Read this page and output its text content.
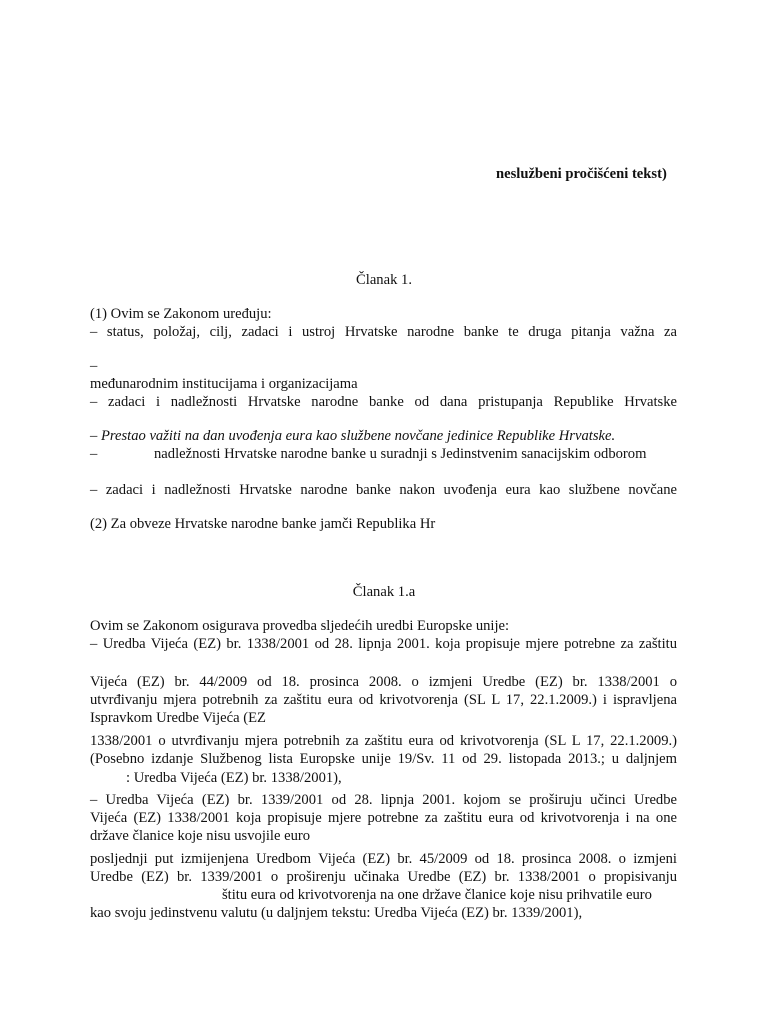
neslužbeni pročišćeni tekst)
Članak 1.
(1) Ovim se Zakonom uređuju:
– status, položaj, cilj, zadaci i ustroj Hrvatske narodne banke te druga pitanja važna za
–
međunarodnim institucijama i organizacijama
– zadaci i nadležnosti Hrvatske narodne banke od dana pristupanja Republike Hrvatske
– Prestao važiti na dan uvođenja eura kao službene novčane jedinice Republike Hrvatske.
–	nadležnosti Hrvatske narodne banke u suradnji s Jedinstvenim sanacijskim odborom
– zadaci i nadležnosti Hrvatske narodne banke nakon uvođenja eura kao službene novčane
(2) Za obveze Hrvatske narodne banke jamči Republika Hr
Članak 1.a
Ovim se Zakonom osigurava provedba sljedećih uredbi Europske unije:
– Uredba Vijeća (EZ) br. 1338/2001 od 28. lipnja 2001. koja propisuje mjere potrebne za zaštitu
Vijeća (EZ) br. 44/2009 od 18. prosinca 2008. o izmjeni Uredbe (EZ) br. 1338/2001 o
utvrđivanju mjera potrebnih za zaštitu eura od krivotvorenja (SL L 17, 22.1.2009.) i ispravljena
Ispravkom Uredbe Vijeća (EZ
1338/2001 o utvrđivanju mjera potrebnih za zaštitu eura od krivotvorenja (SL L 17, 22.1.2009.)
(Posebno izdanje Službenog lista Europske unije 19/Sv. 11 od 29. listopada 2013.; u daljnjem
: Uredba Vijeća (EZ) br. 1338/2001),
– Uredba Vijeća (EZ) br. 1339/2001 od 28. lipnja 2001. kojom se proširuju učinci Uredbe
Vijeća (EZ) 1338/2001 koja propisuje mjere potrebne za zaštitu eura od krivotvorenja i na one
države članice koje nisu usvojile euro
posljednji put izmijenjena Uredbom Vijeća (EZ) br. 45/2009 od 18. prosinca 2008. o izmjeni
Uredbe (EZ) br. 1339/2001 o proširenju učinaka Uredbe (EZ) br. 1338/2001 o propisivanju
štitu eura od krivotvorenja na one države članice koje nisu prihvatile euro
kao svoju jedinstvenu valutu (u daljnjem tekstu: Uredba Vijeća (EZ) br. 1339/2001),
